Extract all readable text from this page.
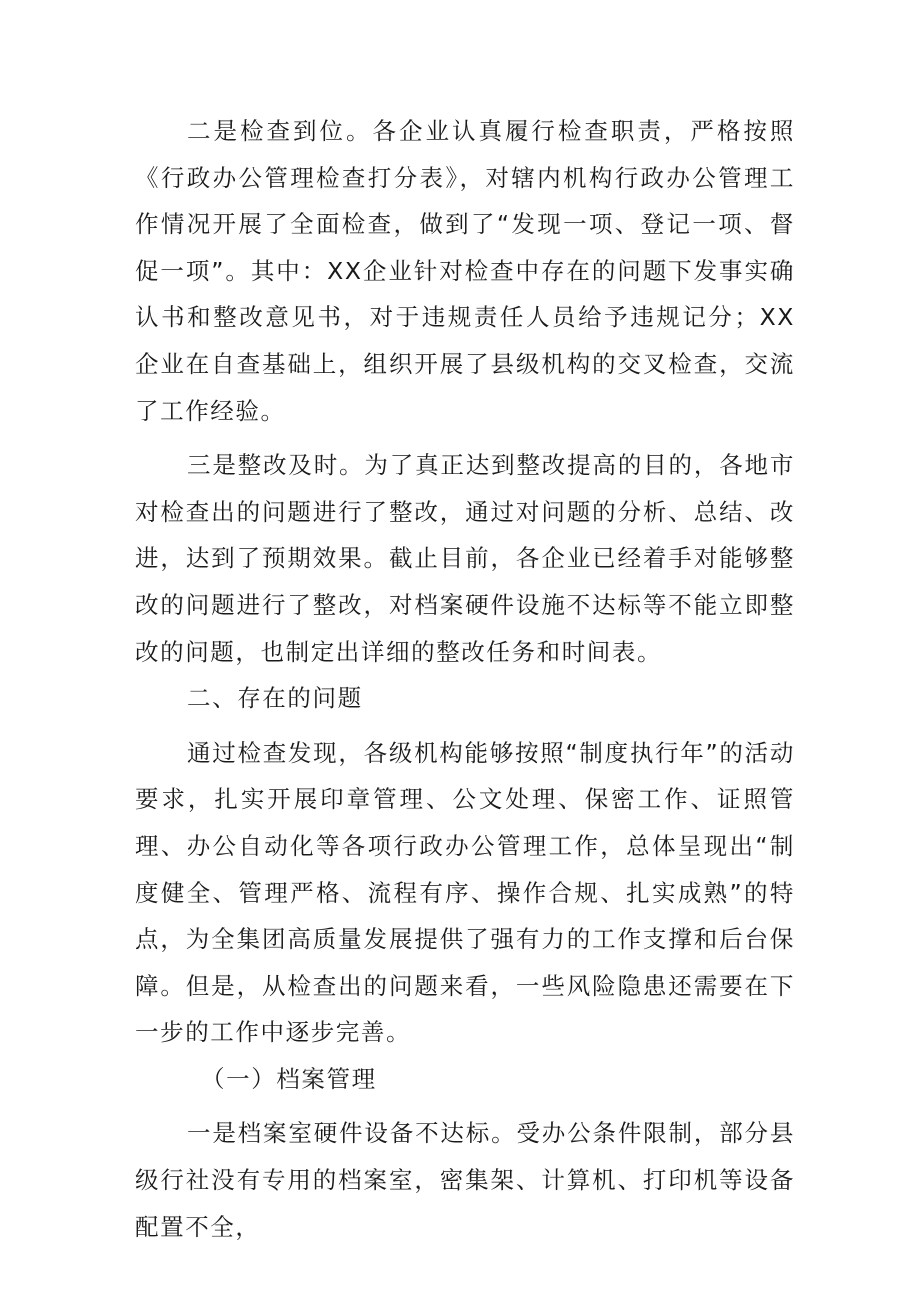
二是检查到位。各企业认真履行检查职责，严格按照《行政办公管理检查打分表》，对辖内机构行政办公管理工作情况开展了全面检查，做到了“发现一项、登记一项、督促一项”。其中：XX企业针对检查中存在的问题下发事实确认书和整改意见书，对于违规责任人员给予违规记分；XX企业在自查基础上，组织开展了县级机构的交叉检查，交流了工作经验。

三是整改及时。为了真正达到整改提高的目的，各地市对检查出的问题进行了整改，通过对问题的分析、总结、改进，达到了预期效果。截止目前，各企业已经着手对能够整改的问题进行了整改，对档案硬件设施不达标等不能立即整改的问题，也制定出详细的整改任务和时间表。

二、存在的问题

通过检查发现，各级机构能够按照“制度执行年”的活动要求，扎实开展印章管理、公文处理、保密工作、证照管理、办公自动化等各项行政办公管理工作，总体呈现出“制度健全、管理严格、流程有序、操作合规、扎实成熟”的特点，为全集团高质量发展提供了强有力的工作支撑和后台保障。但是，从检查出的问题来看，一些风险隐患还需要在下一步的工作中逐步完善。

（一）档案管理

一是档案室硬件设备不达标。受办公条件限制，部分县级行社没有专用的档案室，密集架、计算机、打印机等设备配置不全，
